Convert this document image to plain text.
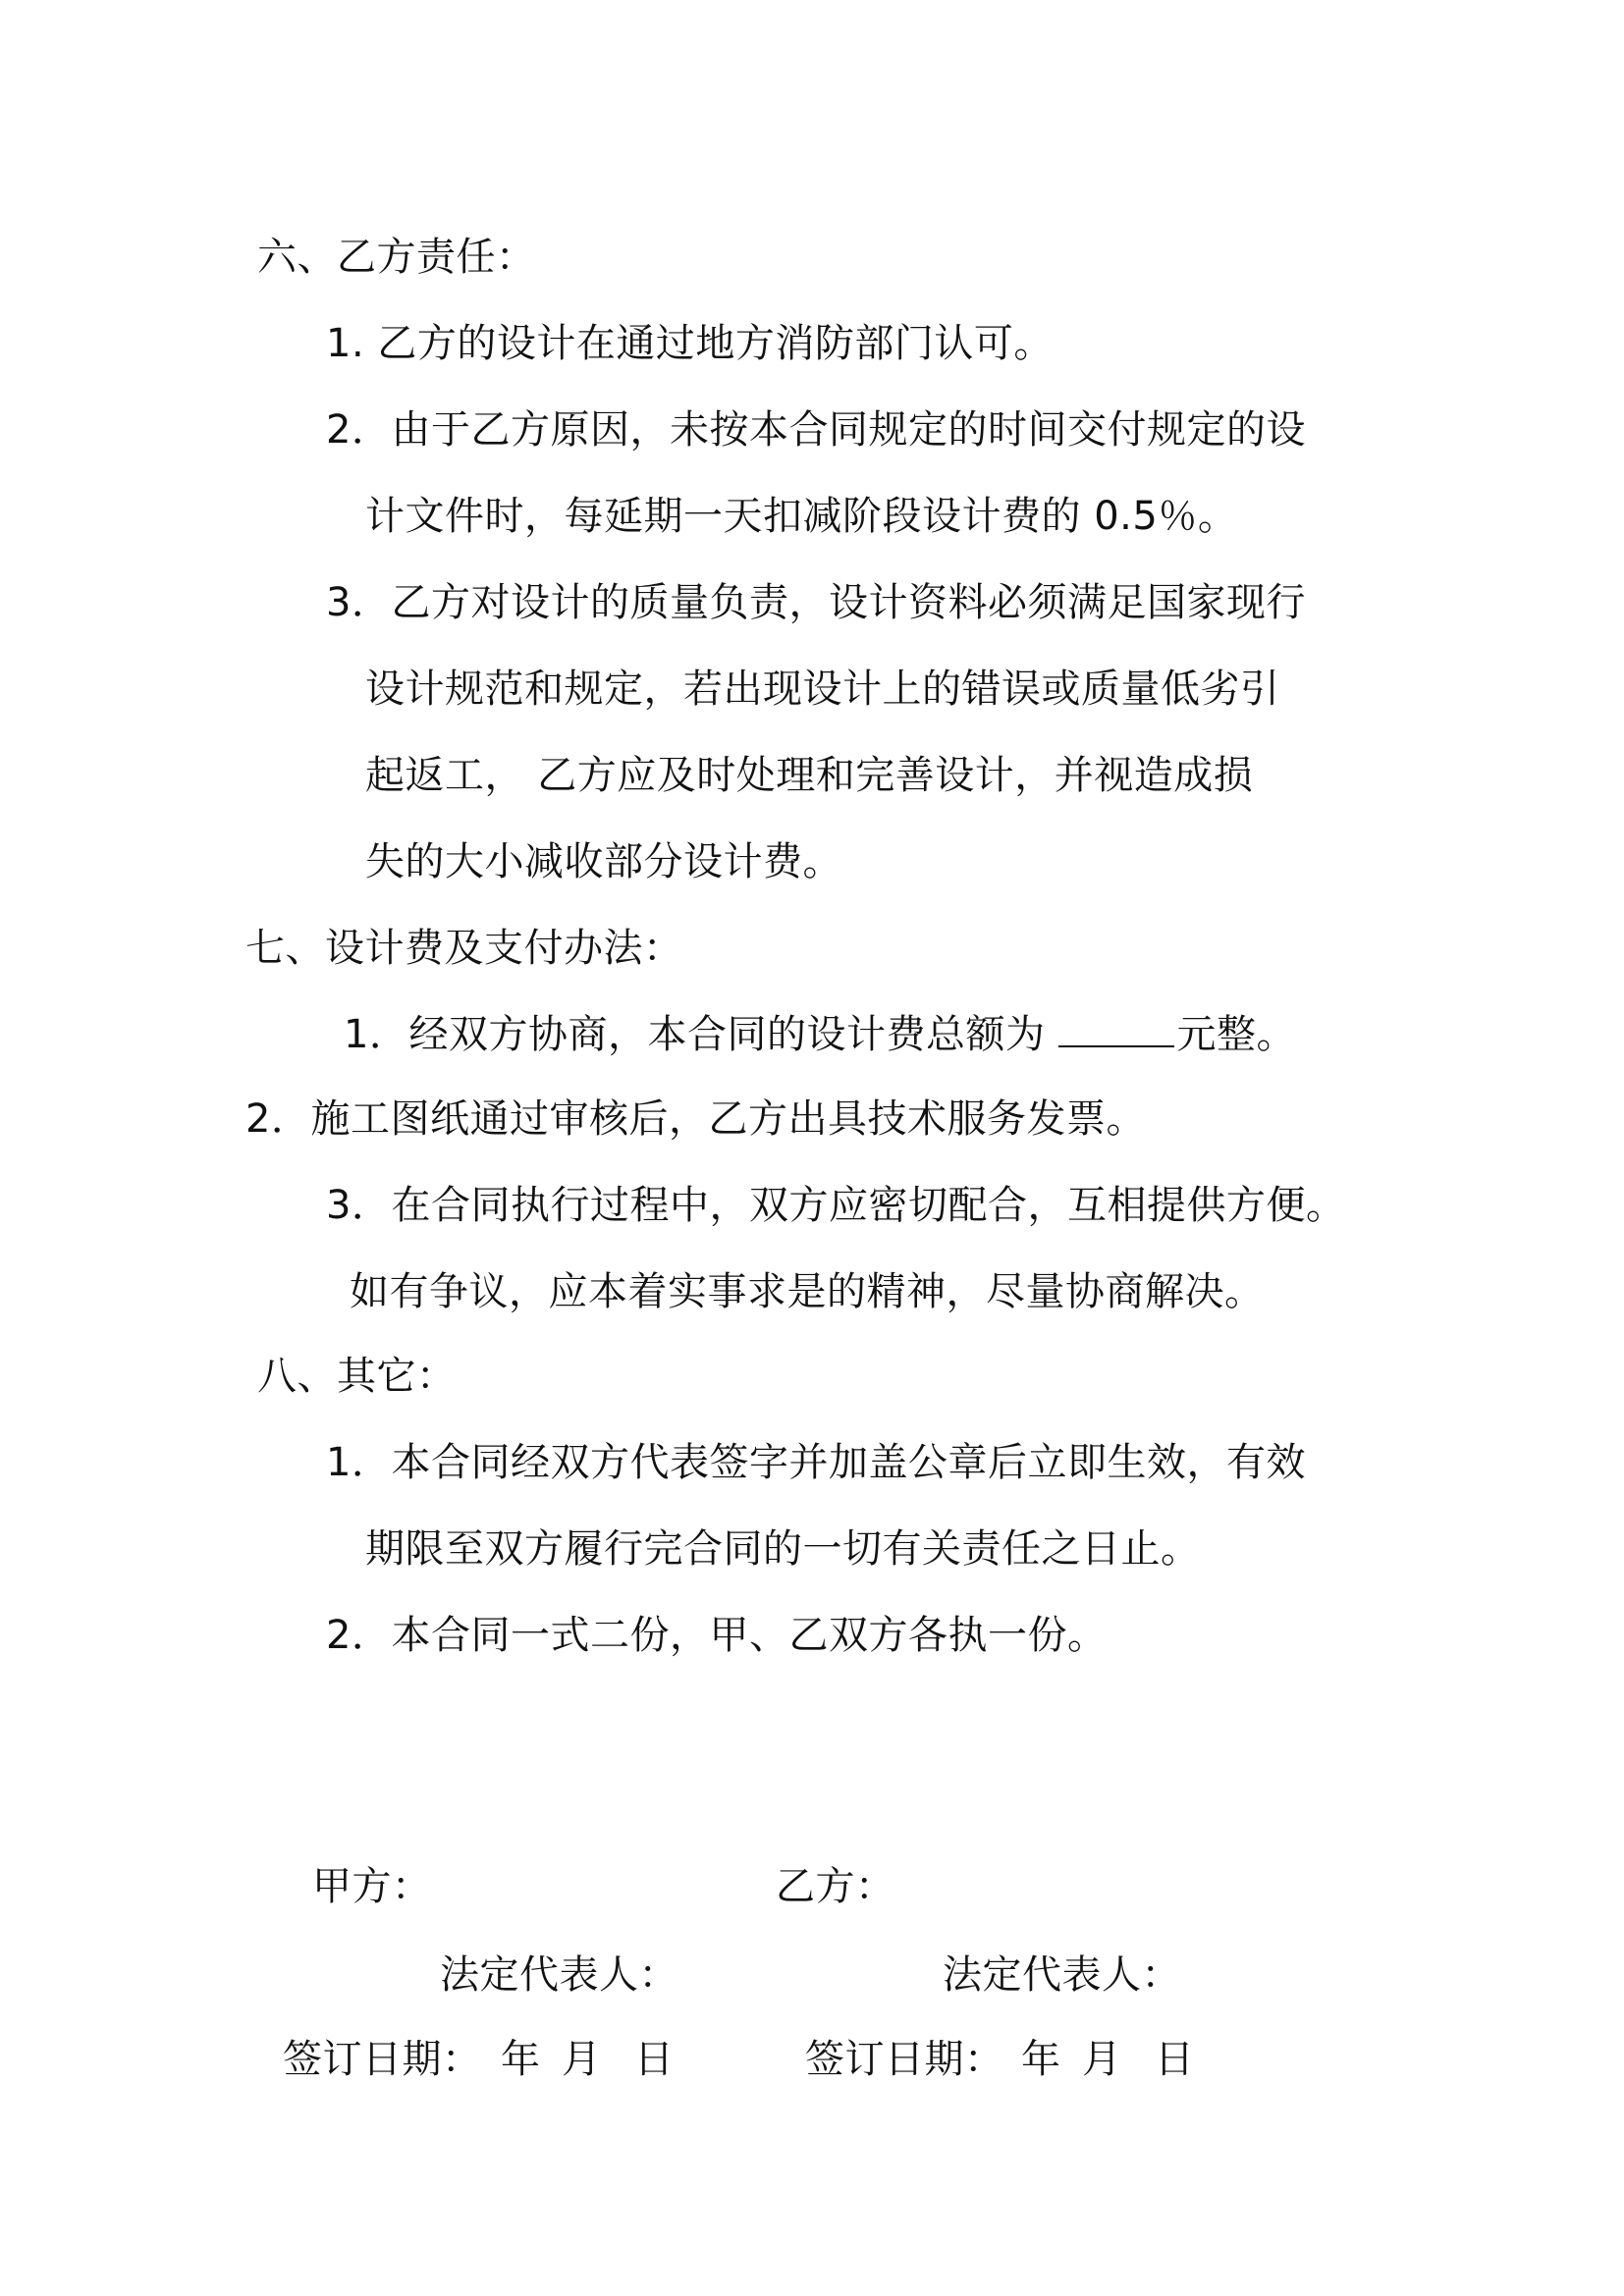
六、乙方责任：
1. 乙方的设计在通过地方消防部门认可。
2．由于乙方原因，未按本合同规定的时间交付规定的设
计文件时，每延期一天扣减阶段设计费的 0.5％。
3．乙方对设计的质量负责，设计资料必须满足国家现行
设计规范和规定，若出现设计上的错误或质量低劣引
起返工， 乙方应及时处理和完善设计，并视造成损
失的大小减收部分设计费。
七、设计费及支付办法：
1．经双方协商，本合同的设计费总额为	元整。
2．施工图纸通过审核后，乙方出具技术服务发票。
3．在合同执行过程中，双方应密切配合，互相提供方便。
如有争议，应本着实事求是的精神，尽量协商解决。
八、其它：
1．本合同经双方代表签字并加盖公章后立即生效，有效
期限至双方履行完合同的一切有关责任之日止。
2．本合同一式二份，甲、乙双方各执一份。
甲方：
法定代表人：
签订日期： 年 月 日
乙方：
法定代表人：
签订日期： 年 月 日
